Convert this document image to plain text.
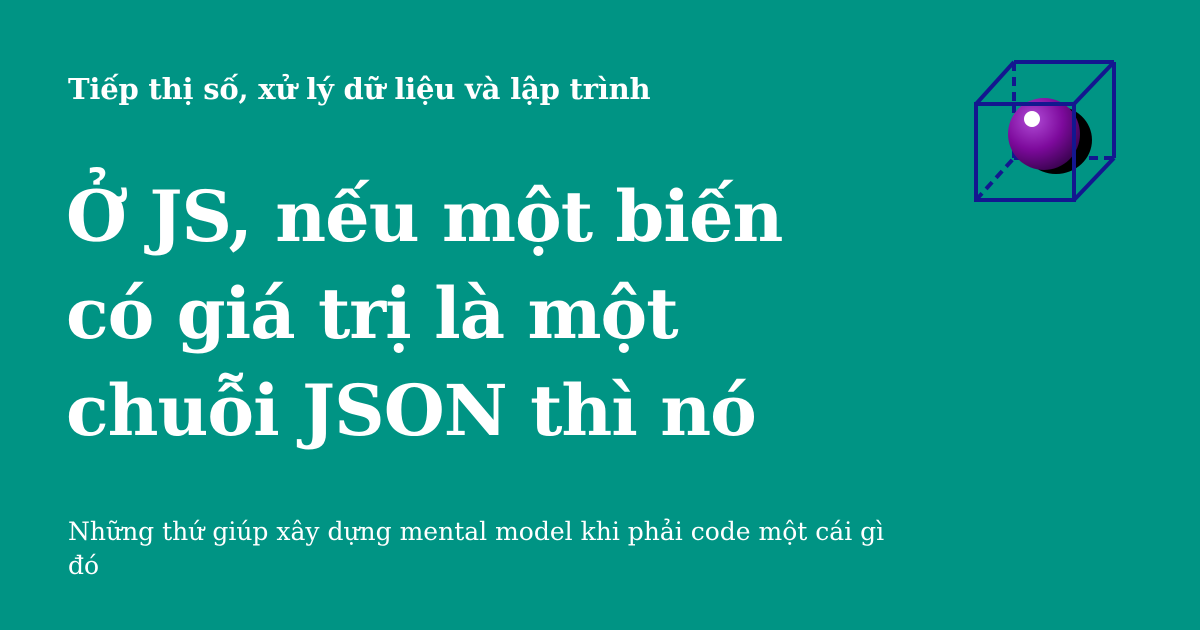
Tiếp thị số, xử lý dữ liệu và lập trình
Ở JS, nếu một biến
có giá trị là một
chuỗi JSON thì nó
Những thứ giúp xây dựng mental model khi phải code một cái gì đó
